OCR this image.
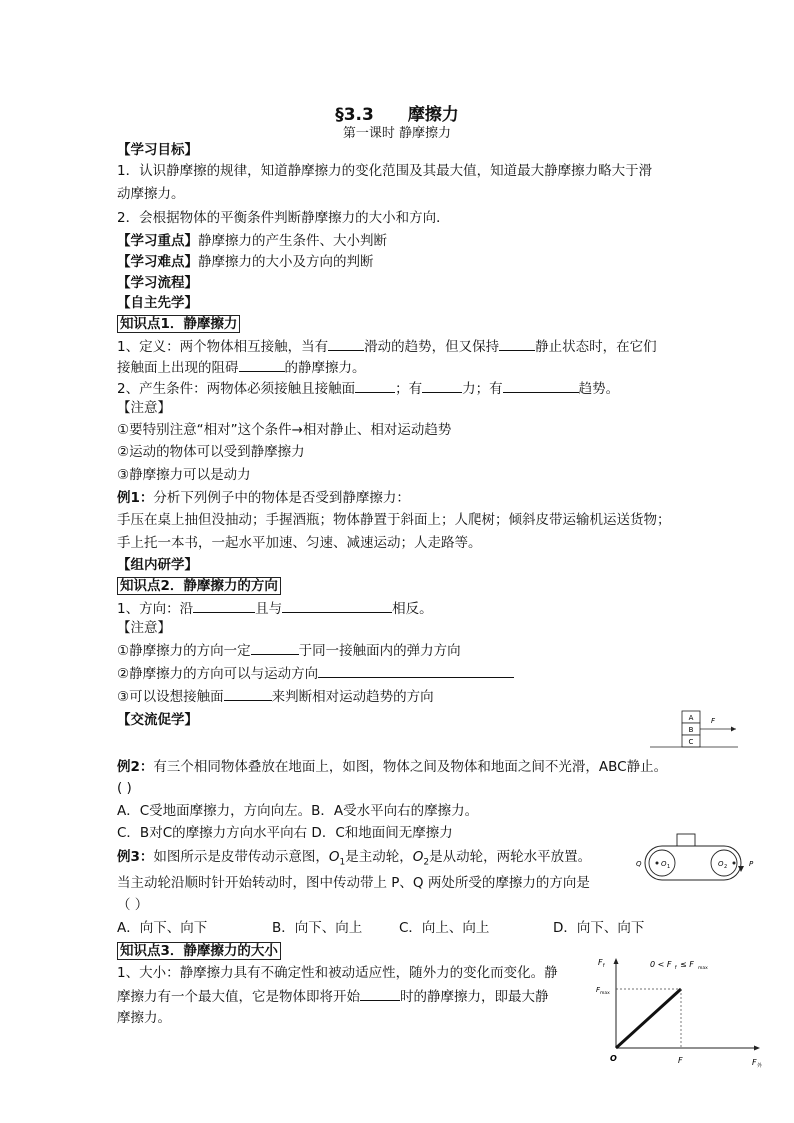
§3.3 摩擦力
第一课时 静摩擦力
【学习目标】
1．认识静摩擦的规律，知道静摩擦力的变化范围及其最大值，知道最大静摩擦力略大于滑
动摩擦力。
2．会根据物体的平衡条件判断静摩擦力的大小和方向．
【学习重点】静摩擦力的产生条件、大小判断
【学习难点】静摩擦力的大小及方向的判断
【学习流程】
【自主先学】
知识点1．静摩擦力
1、定义：两个物体相互接触，当有	滑动的趋势，但又保持	静止状态时，在它们
接触面上出现的阻碍	的静摩擦力。
2、产生条件：两物体必须接触且接触面	；有	力；有	趋势。
【注意】
①要特别注意“相对”这个条件→相对静止、相对运动趋势
②运动的物体可以受到静摩擦力
③静摩擦力可以是动力
例1：分析下列例子中的物体是否受到静摩擦力：
手压在桌上抽但没抽动；手握酒瓶；物体静置于斜面上；人爬树；倾斜皮带运输机运送货物；
手上托一本书，一起水平加速、匀速、减速运动；人走路等。
【组内研学】
知识点2．静摩擦力的方向
1、方向：沿	且与	相反。
【注意】
①静摩擦力的方向一定	于同一接触面内的弹力方向
②静摩擦力的方向可以与运动方向
③可以设想接触面	来判断相对运动趋势的方向
【交流促学】	A
B
C
F
例2：有三个相同物体叠放在地面上，如图，物体之间及物体和地面之间不光滑，ABC静止。
( )
A．C受地面摩擦力，方向向左。B．A受水平向右的摩擦力。
C．B对C的摩擦力方向水平向右 D．C和地面间无摩擦力
O 1	O 2
Q	P
例3：如图所示是皮带传动示意图，$O_1$是主动轮，$O_2$是从动轮，两轮水平放置。
当主动轮沿顺时针开始转动时，图中传动带上 P、Q 两处所受的摩擦力的方向是
（ ）
A．向下、向下	B．向下、向上	C．向上、向上	D．向下、向下
知识点3．静摩擦力的大小
1、大小：静摩擦力具有不确定性和被动适应性，随外力的变化而变化。静
摩擦力有一个最大值，它是物体即将开始	时的静摩擦力，即最大静
摩擦力。
F f
F max
O	F	F 外
0 < F f ≤ F max
